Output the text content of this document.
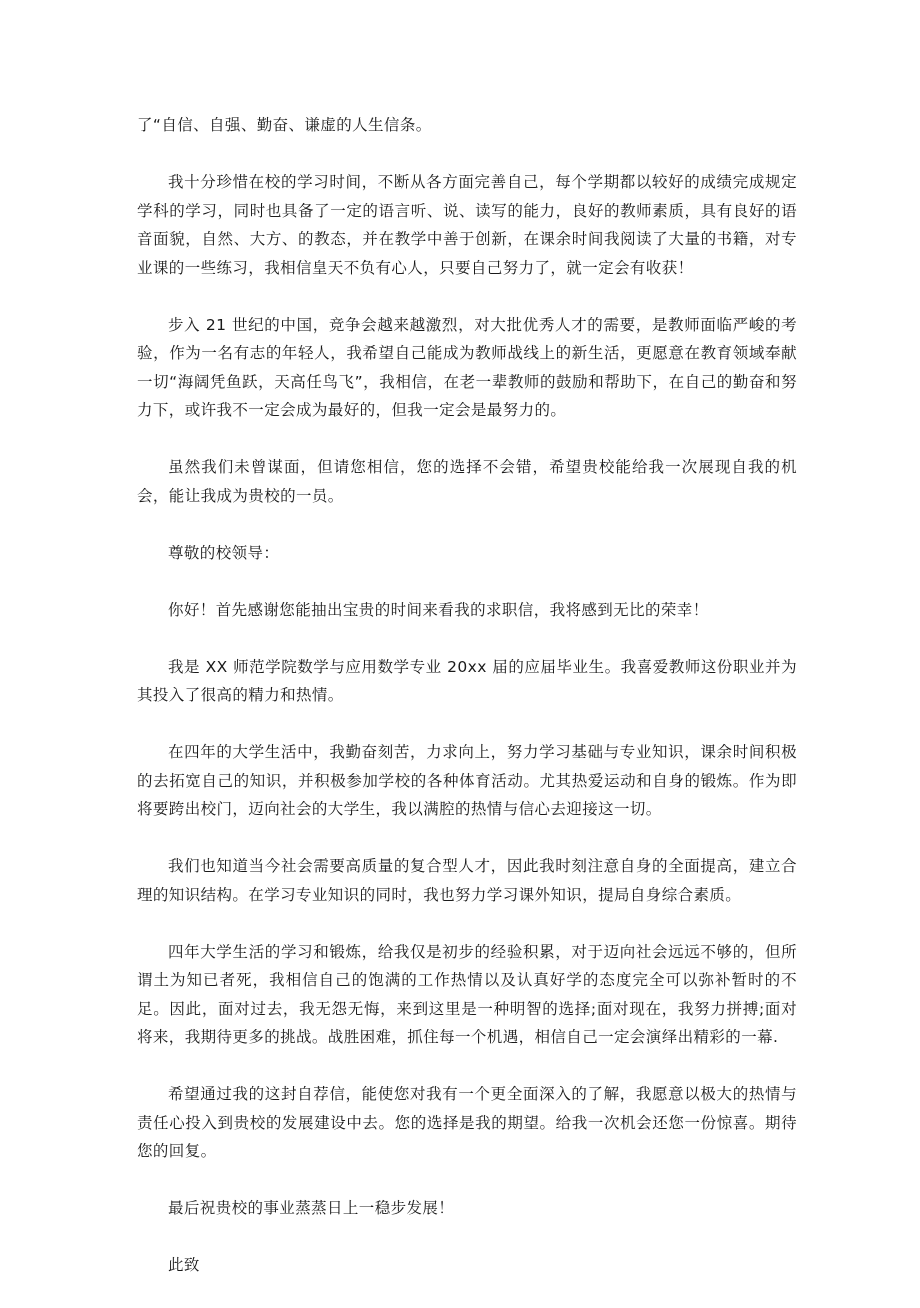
了“自信、自强、勤奋、谦虚的人生信条。

我十分珍惜在校的学习时间，不断从各方面完善自己，每个学期都以较好的成绩完成规定学科的学习，同时也具备了一定的语言听、说、读写的能力，良好的教师素质，具有良好的语音面貌，自然、大方、的教态，并在教学中善于创新，在课余时间我阅读了大量的书籍，对专业课的一些练习，我相信皇天不负有心人，只要自己努力了，就一定会有收获！

步入 21 世纪的中国，竞争会越来越激烈，对大批优秀人才的需要，是教师面临严峻的考验，作为一名有志的年轻人，我希望自己能成为教师战线上的新生活，更愿意在教育领域奉献一切“海阔凭鱼跃，天高任鸟飞”，我相信，在老一辈教师的鼓励和帮助下，在自己的勤奋和努力下，或许我不一定会成为最好的，但我一定会是最努力的。

虽然我们未曾谋面，但请您相信，您的选择不会错，希望贵校能给我一次展现自我的机会，能让我成为贵校的一员。

尊敬的校领导：

你好！首先感谢您能抽出宝贵的时间来看我的求职信，我将感到无比的荣幸！

我是 XX 师范学院数学与应用数学专业 20xx 届的应届毕业生。我喜爱教师这份职业并为其投入了很高的精力和热情。

在四年的大学生活中，我勤奋刻苦，力求向上，努力学习基础与专业知识，课余时间积极的去拓宽自己的知识，并积极参加学校的各种体育活动。尤其热爱运动和自身的锻炼。作为即将要跨出校门，迈向社会的大学生，我以满腔的热情与信心去迎接这一切。

我们也知道当今社会需要高质量的复合型人才，因此我时刻注意自身的全面提高，建立合理的知识结构。在学习专业知识的同时，我也努力学习课外知识，提局自身综合素质。

四年大学生活的学习和锻炼，给我仅是初步的经验积累，对于迈向社会远远不够的，但所谓土为知已者死，我相信自己的饱满的工作热情以及认真好学的态度完全可以弥补暂时的不足。因此，面对过去，我无怨无悔，来到这里是一种明智的选择;面对现在，我努力拼搏;面对将来，我期待更多的挑战。战胜困难，抓住每一个机遇，相信自己一定会演绎出精彩的一幕.

希望通过我的这封自荐信，能使您对我有一个更全面深入的了解，我愿意以极大的热情与责任心投入到贵校的发展建设中去。您的选择是我的期望。给我一次机会还您一份惊喜。期待您的回复。

最后祝贵校的事业蒸蒸日上一稳步发展！

此致
